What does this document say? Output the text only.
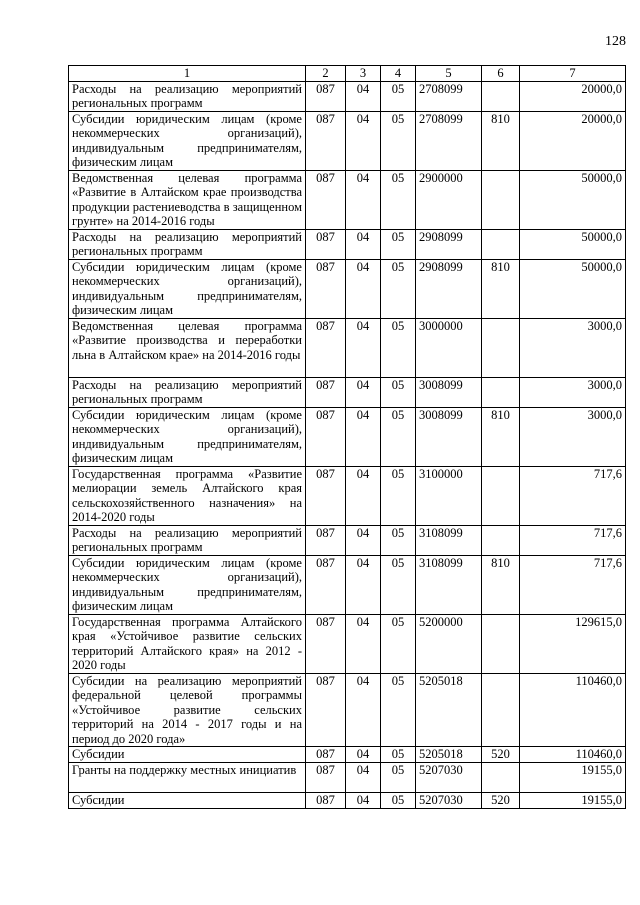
128
1	2	3	4	5	6	7
Расходы на реализацию мероприятий региональных программ	087	04	05	2708099		20000,0
Субсидии юридическим лицам (кроме некоммерческих организаций), индивидуальным предпринимателям, физическим лицам	087	04	05	2708099	810	20000,0
Ведомственная целевая программа «Развитие в Алтайском крае производства продукции растениеводства в защищенном грунте» на 2014-2016 годы	087	04	05	2900000		50000,0
Расходы на реализацию мероприятий региональных программ	087	04	05	2908099		50000,0
Субсидии юридическим лицам (кроме некоммерческих организаций), индивидуальным предпринимателям, физическим лицам	087	04	05	2908099	810	50000,0
Ведомственная целевая программа «Развитие производства и переработки льна в Алтайском крае» на 2014-2016 годы	087	04	05	3000000		3000,0
Расходы на реализацию мероприятий региональных программ	087	04	05	3008099		3000,0
Субсидии юридическим лицам (кроме некоммерческих организаций), индивидуальным предпринимателям, физическим лицам	087	04	05	3008099	810	3000,0
Государственная программа «Развитие мелиорации земель Алтайского края сельскохозяйственного назначения» на 2014-2020 годы	087	04	05	3100000		717,6
Расходы на реализацию мероприятий региональных программ	087	04	05	3108099		717,6
Субсидии юридическим лицам (кроме некоммерческих организаций), индивидуальным предпринимателям, физическим лицам	087	04	05	3108099	810	717,6
Государственная программа Алтайского края «Устойчивое развитие сельских территорий Алтайского края» на 2012 - 2020 годы	087	04	05	5200000		129615,0
Субсидии на реализацию мероприятий федеральной целевой программы «Устойчивое развитие сельских территорий на 2014 - 2017 годы и на период до 2020 года»	087	04	05	5205018		110460,0
Субсидии	087	04	05	5205018	520	110460,0
Гранты на поддержку местных инициатив	087	04	05	5207030		19155,0
Субсидии	087	04	05	5207030	520	19155,0
